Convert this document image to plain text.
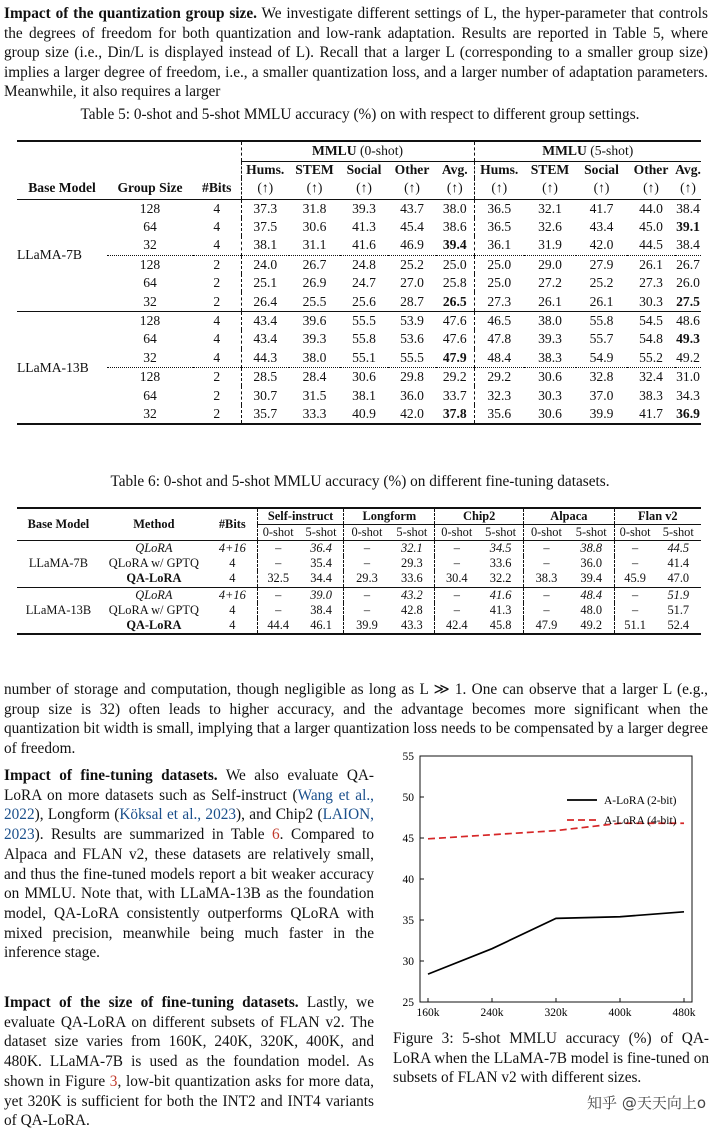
Impact of the quantization group size. We investigate different settings of L, the hyper-parameter that controls the degrees of freedom for both quantization and low-rank adaptation. Results are reported in Table 5, where group size (i.e., Din/L is displayed instead of L). Recall that a larger L (corresponding to a smaller group size) implies a larger degree of freedom, i.e., a smaller quantization loss, and a larger number of adaptation parameters. Meanwhile, it also requires a larger
Table 5: 0-shot and 5-shot MMLU accuracy (%) on with respect to different group settings.
			MMLU (0-shot)					MMLU (5-shot)				
			Hums.	STEM	Social	Other	Avg.	Hums.	STEM	Social	Other	Avg.
Base Model	Group Size	#Bits	(↑)	(↑)	(↑)	(↑)	(↑)	(↑)	(↑)	(↑)	(↑)	(↑)
LLaMA-7B	128	4	37.3	31.8	39.3	43.7	38.0	36.5	32.1	41.7	44.0	38.4
	64	4	37.5	30.6	41.3	45.4	38.6	36.5	32.6	43.4	45.0	39.1
	32	4	38.1	31.1	41.6	46.9	39.4	36.1	31.9	42.0	44.5	38.4
	128	2	24.0	26.7	24.8	25.2	25.0	25.0	29.0	27.9	26.1	26.7
	64	2	25.1	26.9	24.7	27.0	25.8	25.0	27.2	25.2	27.3	26.0
	32	2	26.4	25.5	25.6	28.7	26.5	27.3	26.1	26.1	30.3	27.5
LLaMA-13B	128	4	43.4	39.6	55.5	53.9	47.6	46.5	38.0	55.8	54.5	48.6
	64	4	43.4	39.3	55.8	53.6	47.6	47.8	39.3	55.7	54.8	49.3
	32	4	44.3	38.0	55.1	55.5	47.9	48.4	38.3	54.9	55.2	49.2
	128	2	28.5	28.4	30.6	29.8	29.2	29.2	30.6	32.8	32.4	31.0
	64	2	30.7	31.5	38.1	36.0	33.7	32.3	30.3	37.0	38.3	34.3
	32	2	35.7	33.3	40.9	42.0	37.8	35.6	30.6	39.9	41.7	36.9
Table 6: 0-shot and 5-shot MMLU accuracy (%) on different fine-tuning datasets.
Base Model	Method	#Bits	Self-instruct		Longform		Chip2		Alpaca		Flan v2	
			0-shot	5-shot	0-shot	5-shot	0-shot	5-shot	0-shot	5-shot	0-shot	5-shot
LLaMA-7B	QLoRA	4+16	–	36.4	–	32.1	–	34.5	–	38.8	–	44.5
	QLoRA w/ GPTQ	4	–	35.4	–	29.3	–	33.6	–	36.0	–	41.4
	QA-LoRA	4	32.5	34.4	29.3	33.6	30.4	32.2	38.3	39.4	45.9	47.0
LLaMA-13B	QLoRA	4+16	–	39.0	–	43.2	–	41.6	–	48.4	–	51.9
	QLoRA w/ GPTQ	4	–	38.4	–	42.8	–	41.3	–	48.0	–	51.7
	QA-LoRA	4	44.4	46.1	39.9	43.3	42.4	45.8	47.9	49.2	51.1	52.4
number of storage and computation, though negligible as long as L ≫ 1. One can observe that a larger L (e.g., group size is 32) often leads to higher accuracy, and the advantage becomes more significant when the quantization bit width is small, implying that a larger quantization loss needs to be compensated by a larger degree of freedom.
Impact of fine-tuning datasets. We also evaluate QA-LoRA on more datasets such as Self-instruct (Wang et al., 2022), Longform (Köksal et al., 2023), and Chip2 (LAION, 2023). Results are summarized in Table 6. Compared to Alpaca and FLAN v2, these datasets are relatively small, and thus the fine-tuned models report a bit weaker accuracy on MMLU. Note that, with LLaMA-13B as the foundation model, QA-LoRA consistently outperforms QLoRA with mixed precision, meanwhile being much faster in the inference stage.
Impact of the size of fine-tuning datasets. Lastly, we evaluate QA-LoRA on different subsets of FLAN v2. The dataset size varies from 160K, 240K, 320K, 400K, and 480K. LLaMA-7B is used as the foundation model. As shown in Figure 3, low-bit quantization asks for more data, yet 320K is sufficient for both the INT2 and INT4 variants of QA-LoRA.
25
30
35
40
45
50
55
160k	240k	320k	400k	480k
A-LoRA (2-bit)
A-LoRA (4-bit)
Figure 3: 5-shot MMLU accuracy (%) of QA-LoRA when the LLaMA-7B model is fine-tuned on subsets of FLAN v2 with different sizes.
知乎 @天天向上o
